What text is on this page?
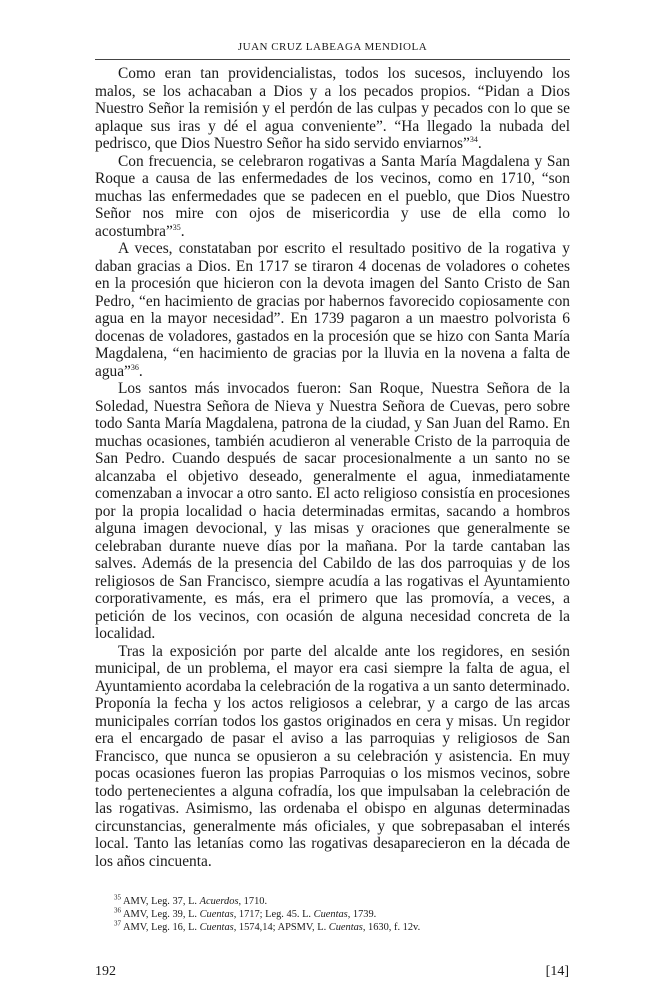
JUAN CRUZ LABEAGA MENDIOLA

Como eran tan providencialistas, todos los sucesos, incluyendo los malos, se los achacaban a Dios y a los pecados propios. “Pidan a Dios Nuestro Señor la remisión y el perdón de las culpas y pecados con lo que se aplaque sus iras y dé el agua conveniente”. “Ha llegado la nubada del pedrisco, que Dios Nuestro Señor ha sido servido enviarnos”$^{34}$.

Con frecuencia, se celebraron rogativas a Santa María Magdalena y San Roque a causa de las enfermedades de los vecinos, como en 1710, “son muchas las enfermedades que se padecen en el pueblo, que Dios Nuestro Señor nos mire con ojos de misericordia y use de ella como lo acostumbra”$^{35}$.

A veces, constataban por escrito el resultado positivo de la rogativa y daban gracias a Dios. En 1717 se tiraron 4 docenas de voladores o cohetes en la procesión que hicieron con la devota imagen del Santo Cristo de San Pedro, “en hacimiento de gracias por habernos favorecido copiosamente con agua en la mayor necesidad”. En 1739 pagaron a un maestro polvorista 6 docenas de voladores, gastados en la procesión que se hizo con Santa María Magdalena, “en hacimiento de gracias por la lluvia en la novena a falta de agua”$^{36}$.

Los santos más invocados fueron: San Roque, Nuestra Señora de la Soledad, Nuestra Señora de Nieva y Nuestra Señora de Cuevas, pero sobre todo Santa María Magdalena, patrona de la ciudad, y San Juan del Ramo. En muchas ocasiones, también acudieron al venerable Cristo de la parroquia de San Pedro. Cuando después de sacar procesionalmente a un santo no se alcanzaba el objetivo deseado, generalmente el agua, inmediatamente comenzaban a invocar a otro santo. El acto religioso consistía en procesiones por la propia localidad o hacia determinadas ermitas, sacando a hombros alguna imagen devocional, y las misas y oraciones que generalmente se celebraban durante nueve días por la mañana. Por la tarde cantaban las salves. Además de la presencia del Cabildo de las dos parroquias y de los religiosos de San Francisco, siempre acudía a las rogativas el Ayuntamiento corporativamente, es más, era el primero que las promovía, a veces, a petición de los vecinos, con ocasión de alguna necesidad concreta de la localidad.

Tras la exposición por parte del alcalde ante los regidores, en sesión municipal, de un problema, el mayor era casi siempre la falta de agua, el Ayuntamiento acordaba la celebración de la rogativa a un santo determinado. Proponía la fecha y los actos religiosos a celebrar, y a cargo de las arcas municipales corrían todos los gastos originados en cera y misas. Un regidor era el encargado de pasar el aviso a las parroquias y religiosos de San Francisco, que nunca se opusieron a su celebración y asistencia. En muy pocas ocasiones fueron las propias Parroquias o los mismos vecinos, sobre todo pertenecientes a alguna cofradía, los que impulsaban la celebración de las rogativas. Asimismo, las ordenaba el obispo en algunas determinadas circunstancias, generalmente más oficiales, y que sobrepasaban el interés local. Tanto las letanías como las rogativas desaparecieron en la década de los años cincuenta.

$^{35}$ AMV, Leg. 37, L. Acuerdos, 1710.

$^{36}$ AMV, Leg. 39, L. Cuentas, 1717; Leg. 45. L. Cuentas, 1739.

$^{37}$ AMV, Leg. 16, L. Cuentas, 1574,14; APSMV, L. Cuentas, 1630, f. 12v.

192	[14]
